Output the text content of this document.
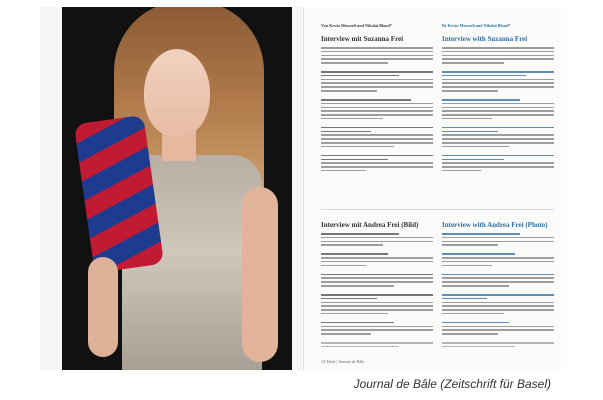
Von Kevin Messerli und Nikolai Blond*

Interview mit Suzanna Frei

By Kevin Messerli and Nikolai Blond*

Interview with Suzanna Frei
Interview mit Andrea Frei (Bild)	Interview with Andrea Frei (Photo)
14 Tebel | Journal de Bâle
Journal de Bâle (Zeitschrift für Basel)
